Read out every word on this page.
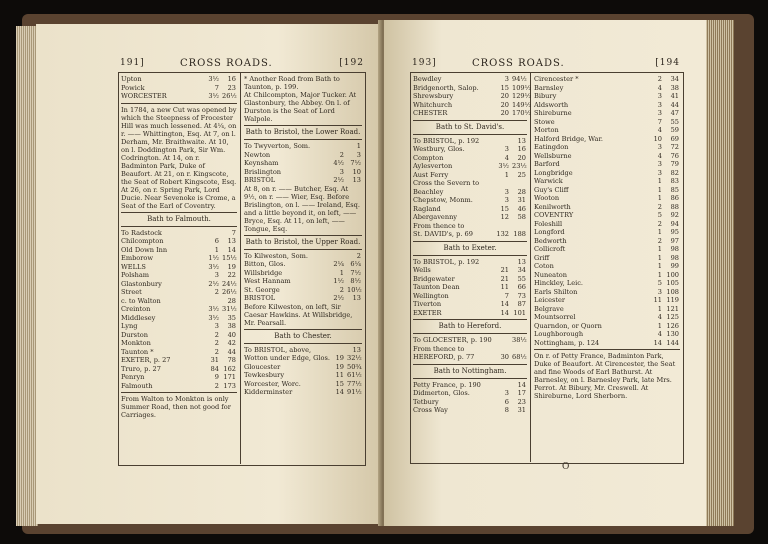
191]	CROSS ROADS.	[192
Upton	3½	16
Powick	7	23
WORCESTER	3½ 26½
In 1784, a new Cut was opened by which the Steepness of Frocester Hill was much lessened. At 4¼, on r. —— Whittington, Esq. At 7, on l. Derham, Mr. Braithwaite. At 10, on l. Doddington Park, Sir Wm. Codrington. At 14, on r. Badminton Park, Duke of Beaufort. At 21, on r. Kingscote, the Seat of Robert Kingscote, Esq. At 26, on r. Spring Park, Lord Ducie. Near Sevenoke is Crome, a Seat of the Earl of Coventry.
Bath to Falmouth.
To Radstock	7
Chilcompton	6	13
Old Down Inn	1	14
Emborow	1½ 15½
WELLS	3½	19
Polsham	3	22
Glastonbury	2½ 24½
Street	2 26½
c. to Walton	28
Creinton	3½ 31½
Middlesey	3½	35
Lyng	3	38
Durston	2	40
Monkton	2	42
Taunton *	2	44
EXETER, p. 27	31	78
Truro, p. 27	84 162
Penryn	9 171
Falmouth	2 173
From Walton to Monkton is only Summer Road, then not good for Carriages.
* Another Road from Bath to Taunton, p. 199.
At Chilcompton, Major Tucker. At Glastonbury, the Abbey. On l. of Durston is the Seat of Lord Walpole.
Bath to Bristol, the Lower Road.
To Twyverton, Som.	1
Newton	2	3
Keynsham	4½ 7½
Brislington	3	10
BRISTOL	2½	13
At 8, on r. —— Butcher, Esq. At 9½, on r. —— Wier, Esq. Before Brislington, on l. —— Ireland, Esq. and a little beyond it, on left, —— Bryce, Esq. At 11, on left, —— Tongue, Esq.
Bath to Bristol, the Upper Road.
To Kilweston, Som.	2
Bitton, Glos.	2¼ 6¼
Willsbridge	1 7½
West Hannam	1½ 8½
St. George	2 10½
BRISTOL	2½	13
Before Kilweston, on left, Sir Caesar Hawkins. At Willsbridge, Mr. Pearsall.
Bath to Chester.
To BRISTOL, above,	13
Wotton under Edge, Glos. 19 32½
Gloucester	19 50¾
Tewkesbury	11 61½
Worcester, Worc.	15 77½
Kidderminster	14 91½
193]	CROSS ROADS.	[194
Bewdley	3 94½
Bridgenorth, Salop.	15 109½
Shrewsbury	20 129½
Whitchurch	20 149½
CHESTER	20 170½
Bath to St. David's.
To BRISTOL, p. 192	13
Westbury, Glos.	3	16
Compton	4	20
Aylesverton	3½ 23½
Aust Ferry	1	25
Cross the Severn to
Beachley	3	28
Chepstow, Monm.	3	31
Ragland	15	46
Abergavenny	12	58
From thence to
St. DAVID's, p. 69	132 188
Bath to Exeter.
To BRISTOL, p. 192	13
Wells	21	34
Bridgewater	21	55
Taunton Dean	11	66
Wellington	7	73
Tiverton	14	87
EXETER	14 101
Bath to Hereford.
To GLOCESTER, p. 190	38½
From thence to
HEREFORD, p. 77	30 68½
Bath to Nottingham.
Petty France, p. 190	14
Didmerton, Glos.	3	17
Tetbury	6	23
Cross Way	8	31
Cirencester *	2	34
Barnsley	4	38
Bibury	3	41
Aldsworth	3	44
Shireburne	3	47
Stowe	7	55
Morton	4	59
Halford Bridge, War.	10	69
Eatingdon	3	72
Wellsburne	4	76
Barford	3	79
Longbridge	3	82
Warwick	1	83
Guy's Cliff	1	85
Wooton	1	86
Kenilworth	2	88
COVENTRY	5	92
Foleshill	2	94
Longford	1	95
Bedworth	2	97
Collicroft	1	98
Griff	1	98
Coton	1	99
Nuneaton	1 100
Hinckley, Leic.	5 105
Earls Shilton	3 108
Leicester	11 119
Belgrave	1 121
Mountsorrel	4 125
Quarndon, or Quorn	1 126
Loughborough	4 130
Nottingham, p. 124	14 144
On r. of Petty France, Badminton Park, Duke of Beaufort. At Cirencester, the Seat and fine Woods of Earl Bathurst. At Barnesley, on l. Barnesley Park, late Mrs. Perrot. At Bibury, Mr. Creswell. At Shireburne, Lord Sherborn.
O
